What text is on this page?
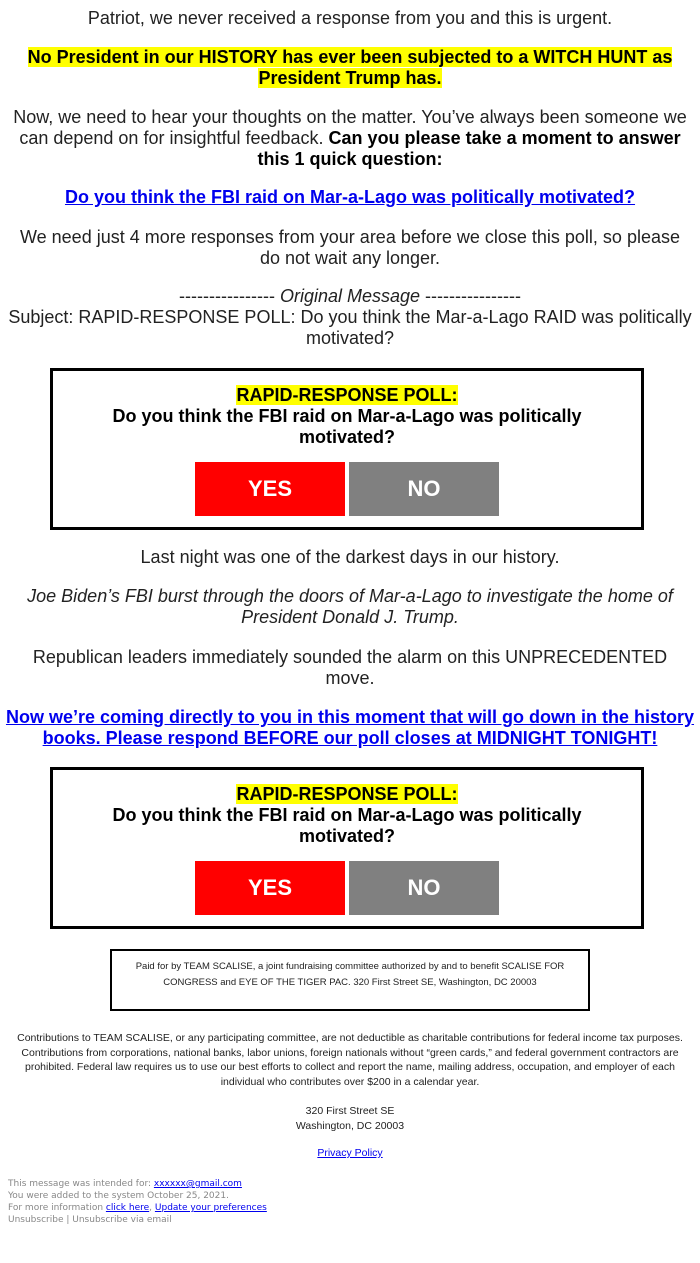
Patriot, we never received a response from you and this is urgent.

No President in our HISTORY has ever been subjected to a WITCH HUNT as
President Trump has.

Now, we need to hear your thoughts on the matter. You’ve always been someone we can depend on for insightful feedback. Can you please take a moment to answer this 1 quick question:

Do you think the FBI raid on Mar-a-Lago was politically motivated?

We need just 4 more responses from your area before we close this poll, so please do not wait any longer.

---------------- Original Message ----------------

Subject: RAPID-RESPONSE POLL: Do you think the Mar-a-Lago RAID was politically motivated?

RAPID-RESPONSE POLL:

Do you think the FBI raid on Mar-a-Lago was politically motivated?
YES	NO

Last night was one of the darkest days in our history.

Joe Biden’s FBI burst through the doors of Mar-a-Lago to investigate the home of President Donald J. Trump.

Republican leaders immediately sounded the alarm on this UNPRECEDENTED move.

Now we’re coming directly to you in this moment that will go down in the history books. Please respond BEFORE our poll closes at MIDNIGHT TONIGHT!

RAPID-RESPONSE POLL:

Do you think the FBI raid on Mar-a-Lago was politically motivated?
YES	NO
Paid for by TEAM SCALISE, a joint fundraising committee authorized by and to benefit SCALISE FOR CONGRESS and EYE OF THE TIGER PAC. 320 First Street SE, Washington, DC 20003
Contributions to TEAM SCALISE, or any participating committee, are not deductible as charitable contributions for federal income tax purposes. Contributions from corporations, national banks, labor unions, foreign nationals without “green cards,” and federal government contractors are prohibited. Federal law requires us to use our best efforts to collect and report the name, mailing address, occupation, and employer of each individual who contributes over $200 in a calendar year.
320 First Street SE
Washington, DC 20003
Privacy Policy
This message was intended for: xxxxxx@gmail.com
You were added to the system October 25, 2021.
For more information click here, Update your preferences
Unsubscribe | Unsubscribe via email
